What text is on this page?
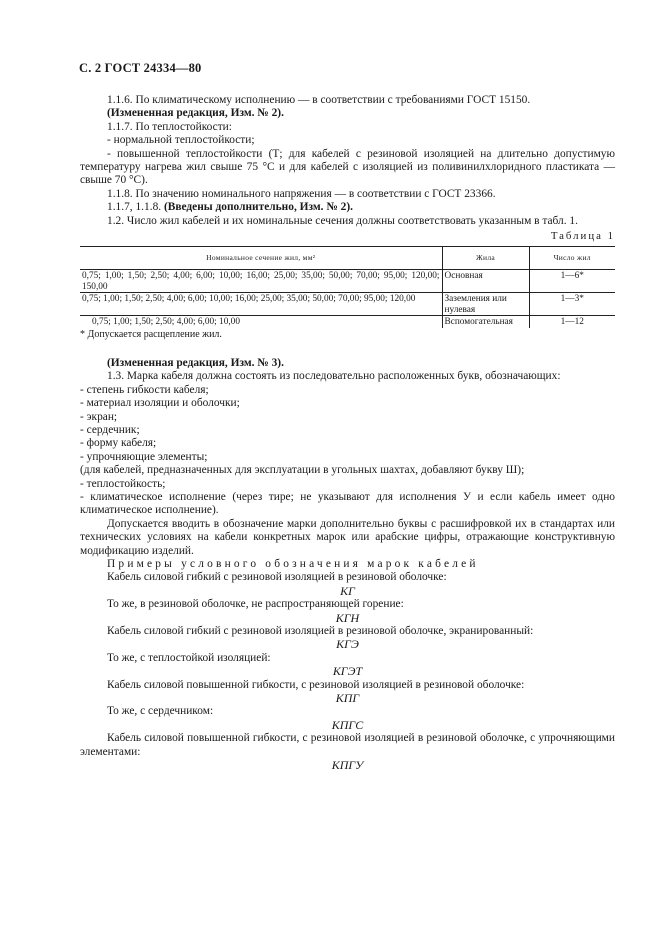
С. 2 ГОСТ 24334—80

1.1.6. По климатическому исполнению — в соответствии с требованиями ГОСТ 15150.

(Измененная редакция, Изм. № 2).

1.1.7. По теплостойкости:

- нормальной теплостойкости;

- повышенной теплостойкости (Т; для кабелей с резиновой изоляцией на длительно допустимую температуру нагрева жил свыше 75 °С и для кабелей с изоляцией из поливинилхлоридного пластиката — свыше 70 °С).

1.1.8. По значению номинального напряжения — в соответствии с ГОСТ 23366.

1.1.7, 1.1.8. (Введены дополнительно, Изм. № 2).

1.2. Число жил кабелей и их номинальные сечения должны соответствовать указанным в табл. 1.

Таблица 1
Номинальное сечение жил, мм²	Жила	Число жил
0,75; 1,00; 1,50; 2,50; 4,00; 6,00; 10,00; 16,00; 25,00; 35,00; 50,00; 70,00; 95,00; 120,00; 150,00	Основная	1—6*
0,75; 1,00; 1,50; 2,50; 4,00; 6,00; 10,00; 16,00; 25,00; 35,00; 50,00; 70,00; 95,00; 120,00	Заземления или нулевая	1—3*
0,75; 1,00; 1,50; 2,50; 4,00; 6,00; 10,00	Вспомогательная	1—12

* Допускается расщепление жил.

(Измененная редакция, Изм. № 3).

1.3. Марка кабеля должна состоять из последовательно расположенных букв, обозначающих:

- степень гибкости кабеля;

- материал изоляции и оболочки;

- экран;

- сердечник;

- форму кабеля;

- упрочняющие элементы;

(для кабелей, предназначенных для эксплуатации в угольных шахтах, добавляют букву Ш);

- теплостойкость;

- климатическое исполнение (через тире; не указывают для исполнения У и если кабель имеет одно климатическое исполнение).

Допускается вводить в обозначение марки дополнительно буквы с расшифровкой их в стандартах или технических условиях на кабели конкретных марок или арабские цифры, отражающие конструктивную модификацию изделий.

Примеры условного обозначения марок кабелей

Кабель силовой гибкий с резиновой изоляцией в резиновой оболочке:

КГ

То же, в резиновой оболочке, не распространяющей горение:

КГН

Кабель силовой гибкий с резиновой изоляцией в резиновой оболочке, экранированный:

КГЭ

То же, с теплостойкой изоляцией:

КГЭТ

Кабель силовой повышенной гибкости, с резиновой изоляцией в резиновой оболочке:

КПГ

То же, с сердечником:

КПГС

Кабель силовой повышенной гибкости, с резиновой изоляцией в резиновой оболочке, с упрочняющими элементами:

КПГУ
